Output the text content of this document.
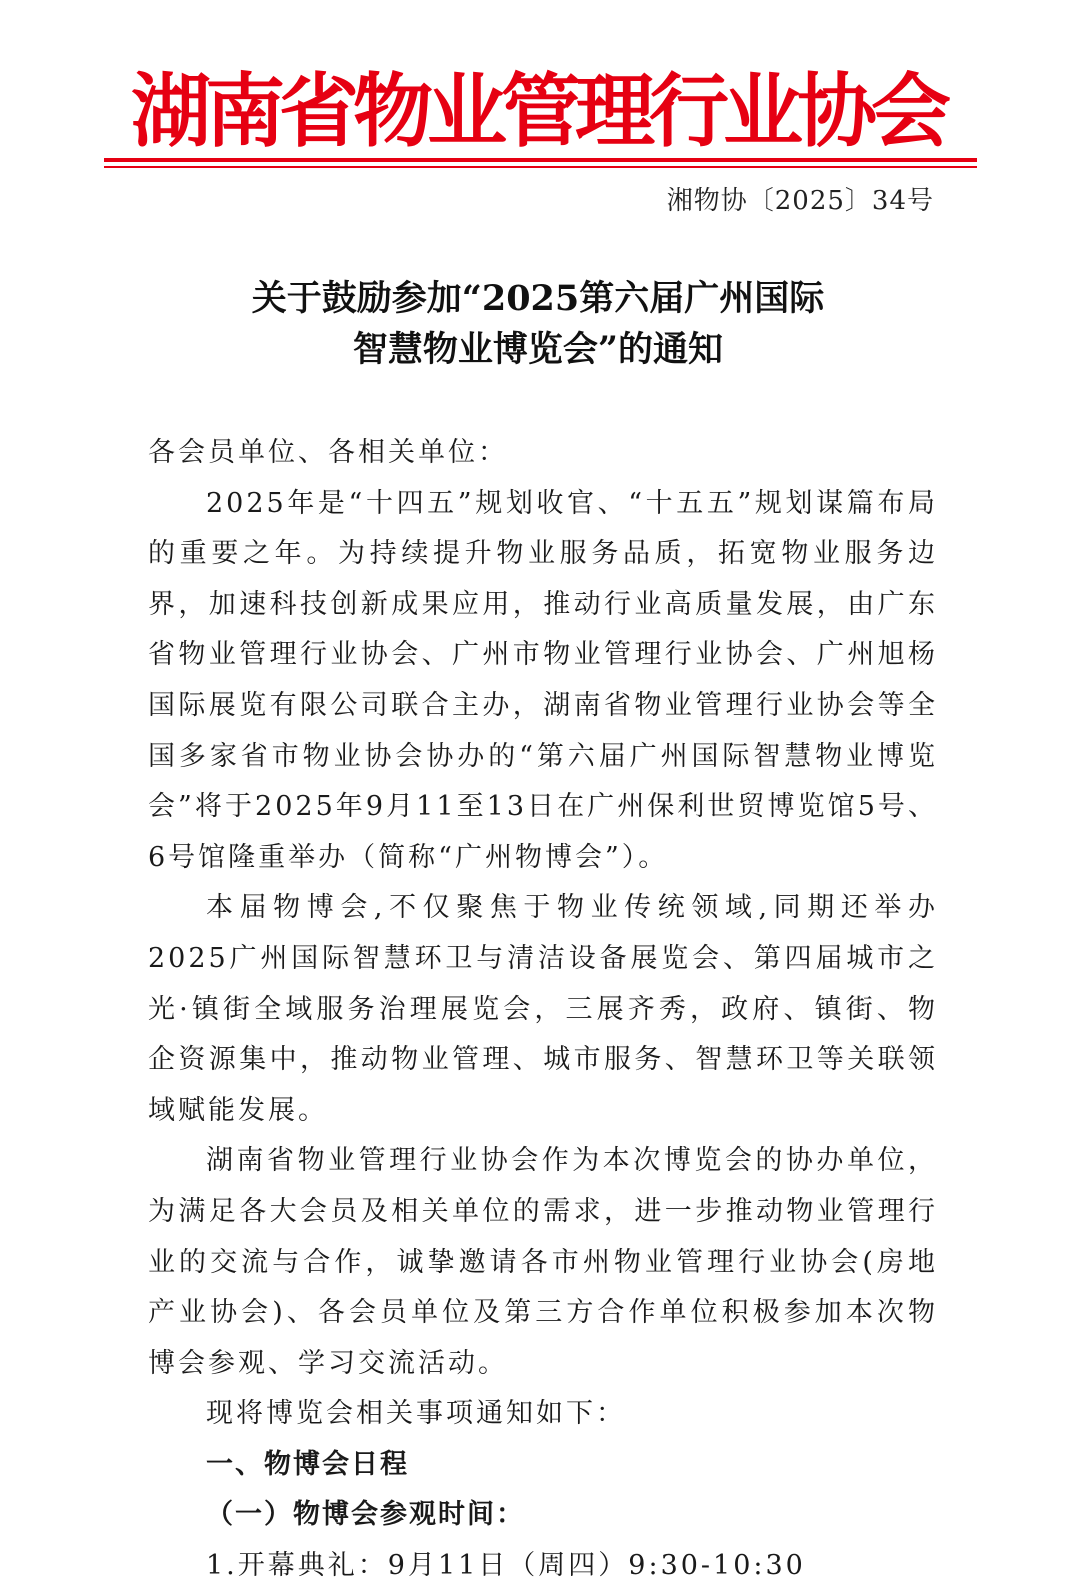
湖南省物业管理行业协会
湘物协〔2025〕34号
关于鼓励参加“2025第六届广州国际
智慧物业博览会”的通知

各会员单位、各相关单位：

2025年是“十四五”规划收官、“十五五”规划谋篇布局的重要之年。为持续提升物业服务品质，拓宽物业服务边界，加速科技创新成果应用，推动行业高质量发展，由广东省物业管理行业协会、广州市物业管理行业协会、广州旭杨国际展览有限公司联合主办，湖南省物业管理行业协会等全国多家省市物业协会协办的“第六届广州国际智慧物业博览会”将于2025年9月11至13日在广州保利世贸博览馆5号、6号馆隆重举办（简称“广州物博会”）。

本届物博会,不仅聚焦于物业传统领域,同期还举办2025广州国际智慧环卫与清洁设备展览会、第四届城市之光·镇街全域服务治理展览会，三展齐秀，政府、镇街、物企资源集中，推动物业管理、城市服务、智慧环卫等关联领域赋能发展。

湖南省物业管理行业协会作为本次博览会的协办单位，为满足各大会员及相关单位的需求，进一步推动物业管理行业的交流与合作，诚挚邀请各市州物业管理行业协会(房地产业协会)、各会员单位及第三方合作单位积极参加本次物博会参观、学习交流活动。

现将博览会相关事项通知如下：

一、物博会日程

（一）物博会参观时间：

1.开幕典礼：9月11日（周四）9:30-10:30
